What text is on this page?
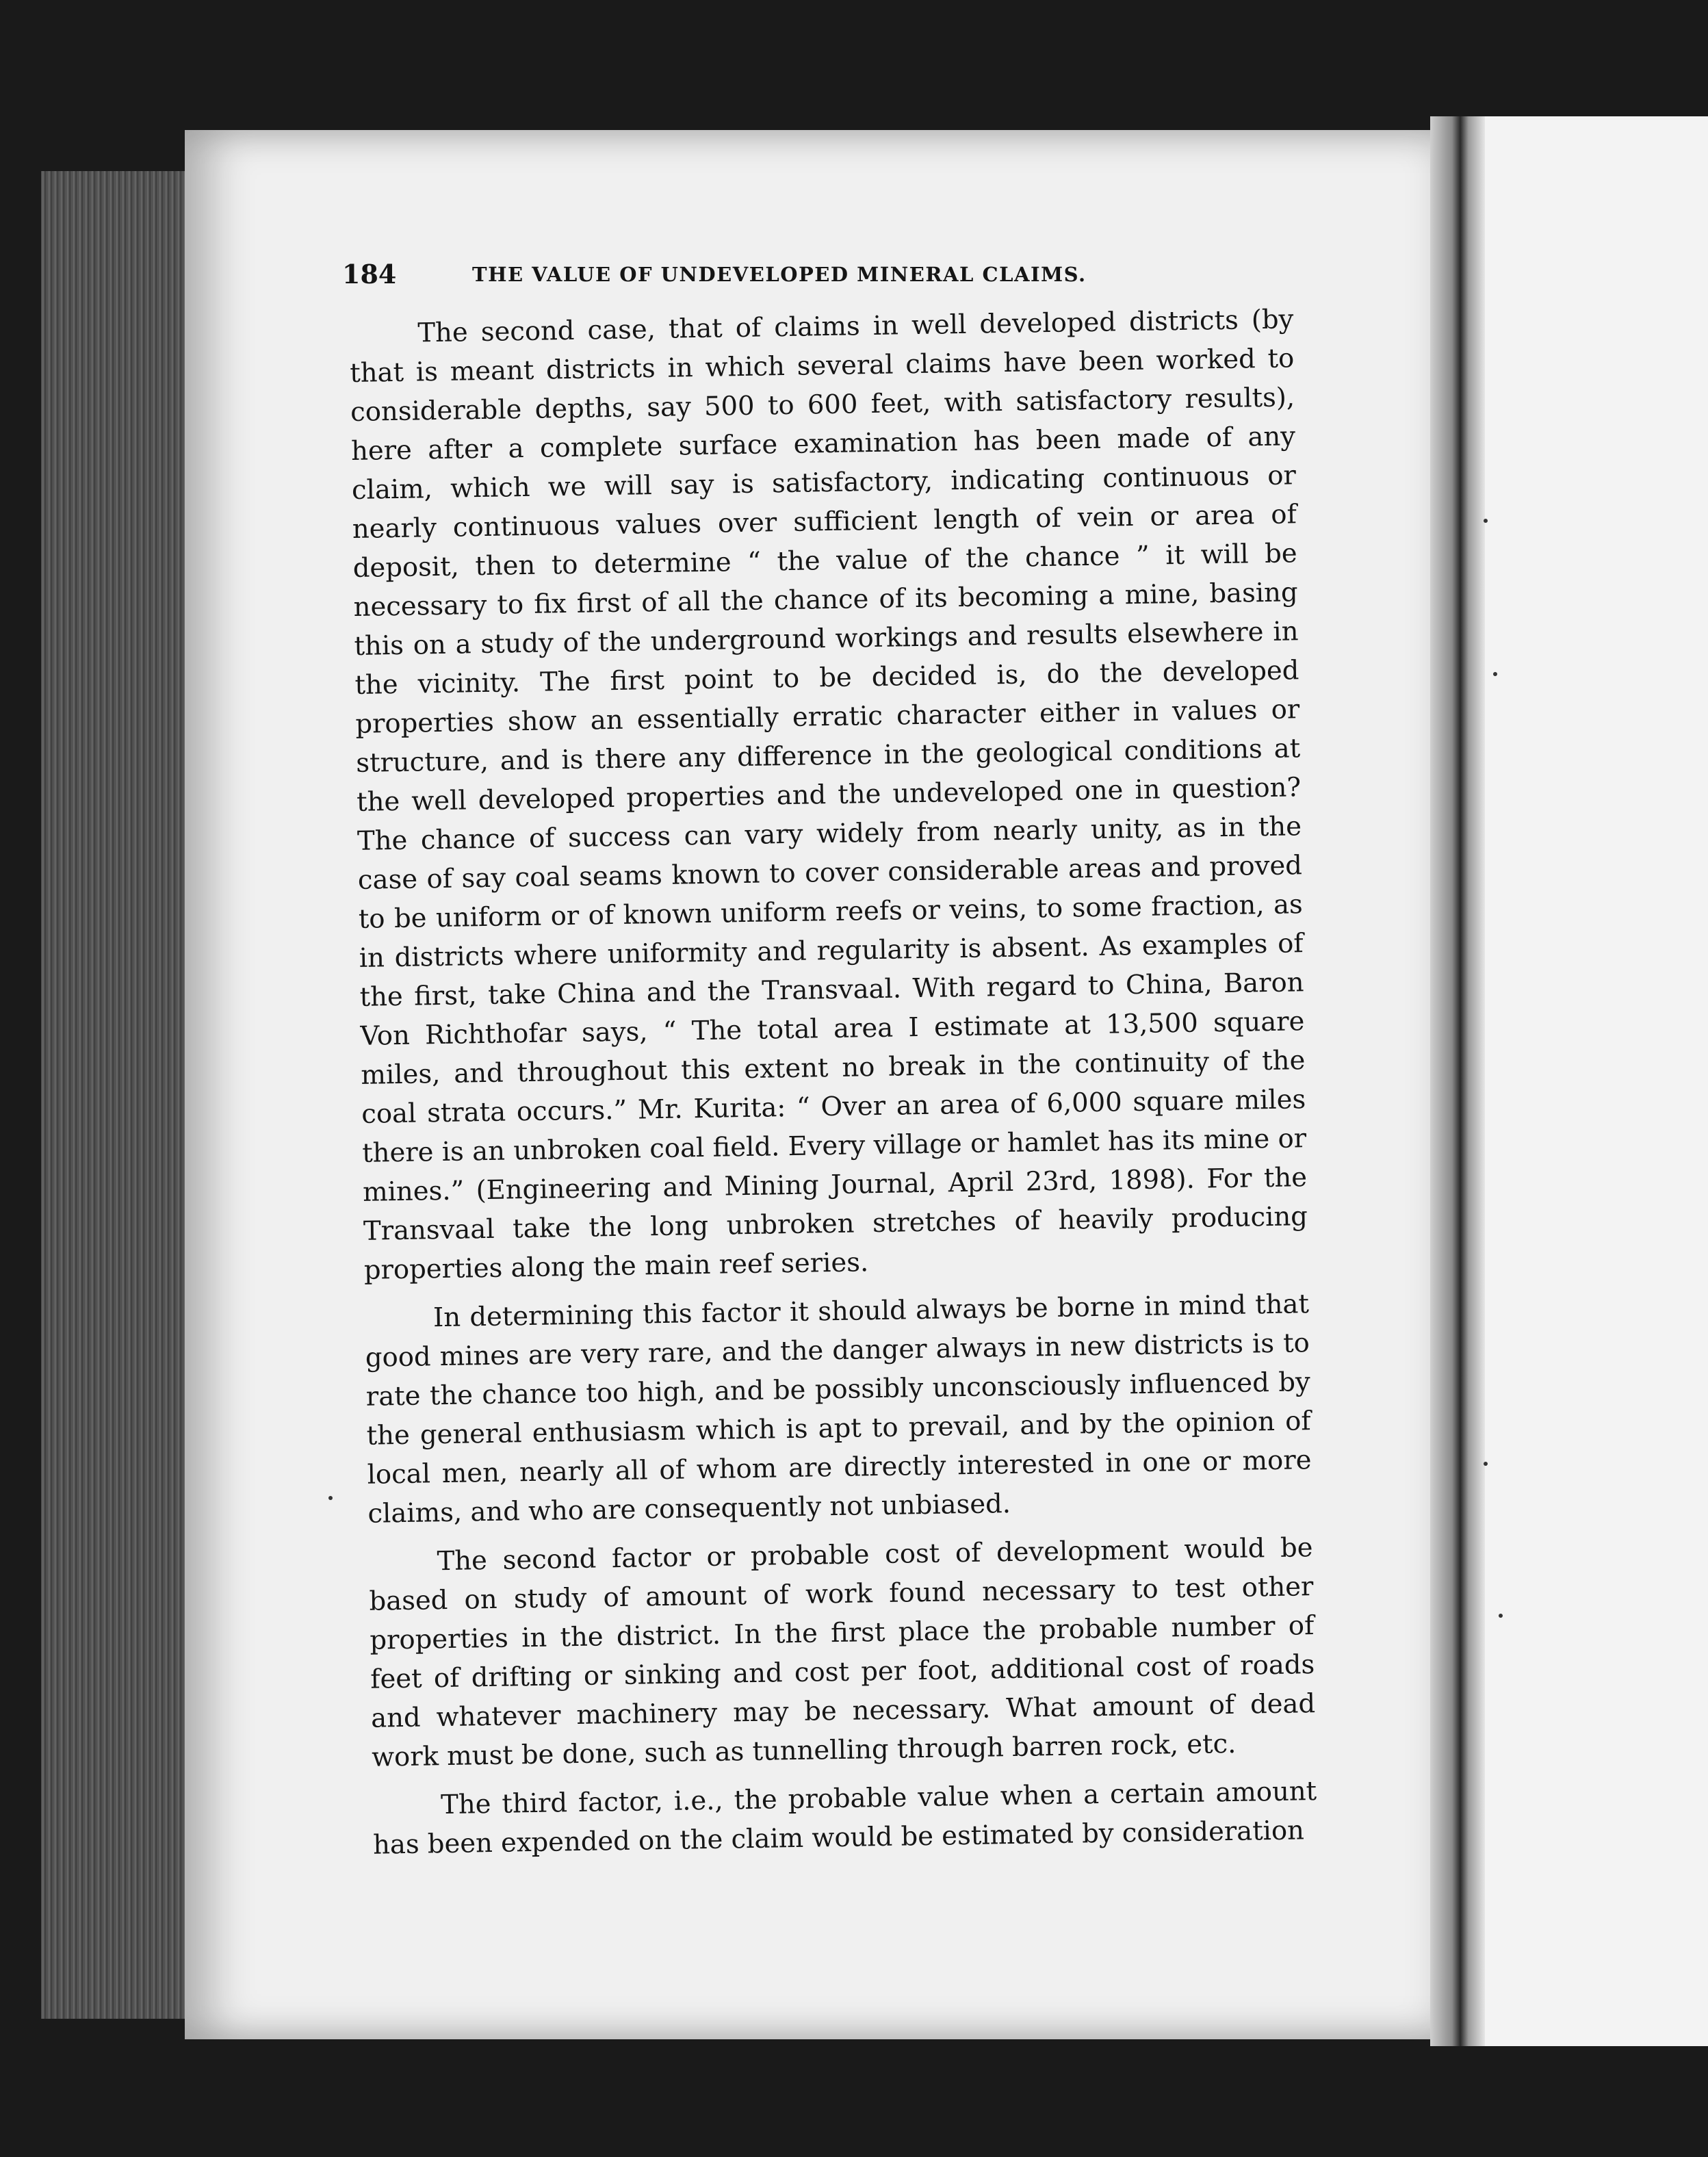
184	THE VALUE OF UNDEVELOPED MINERAL CLAIMS.

The second case, that of claims in well developed districts (by that is meant districts in which several claims have been worked to considerable depths, say 500 to 600 feet, with satisfactory results), here after a complete surface examination has been made of any claim, which we will say is satisfactory, indicating continuous or nearly continuous values over sufficient length of vein or area of deposit, then to determine “ the value of the chance ” it will be necessary to fix first of all the chance of its becoming a mine, basing this on a study of the underground workings and results elsewhere in the vicinity. The first point to be decided is, do the developed properties show an essentially erratic character either in values or structure, and is there any difference in the geological conditions at the well developed properties and the undeveloped one in question? The chance of success can vary widely from nearly unity, as in the case of say coal seams known to cover considerable areas and proved to be uniform or of known uniform reefs or veins, to some fraction, as in districts where uniformity and regularity is absent. As examples of the first, take China and the Transvaal. With regard to China, Baron Von Richthofar says, “ The total area I estimate at 13,500 square miles, and throughout this extent no break in the continuity of the coal strata occurs.” Mr. Kurita: “ Over an area of 6,000 square miles there is an unbroken coal field. Every village or hamlet has its mine or mines.” (Engineering and Mining Journal, April 23rd, 1898). For the Transvaal take the long unbroken stretches of heavily producing properties along the main reef series.

In determining this factor it should always be borne in mind that good mines are very rare, and the danger always in new districts is to rate the chance too high, and be possibly unconsciously influenced by the general enthusiasm which is apt to prevail, and by the opinion of local men, nearly all of whom are directly interested in one or more claims, and who are consequently not unbiased.

The second factor or probable cost of development would be based on study of amount of work found necessary to test other properties in the district. In the first place the probable number of feet of drifting or sinking and cost per foot, additional cost of roads and whatever machinery may be necessary. What amount of dead work must be done, such as tunnelling through barren rock, etc.

The third factor, i.e., the probable value when a certain amount has been expended on the claim would be estimated by consideration
